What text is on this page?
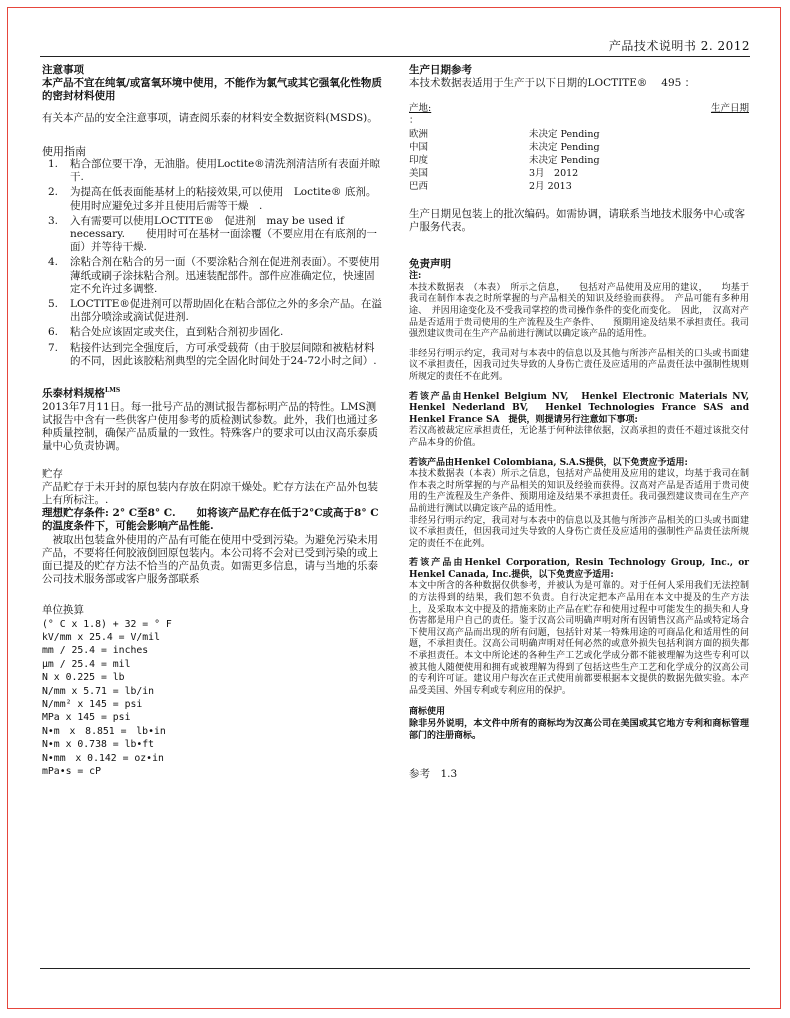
产品技术说明书 2. 2012

注意事项

本产品不宜在纯氧/或富氧环境中使用，不能作为氯气或其它强氧化性物质的密封材料使用

有关本产品的安全注意事项，请查阅乐泰的材料安全数据资料(MSDS)。

使用指南

1.	粘合部位要干净，无油脂。使用Loctite®清洗剂清洁所有表面并晾干.
2.	为提高在低表面能基材上的粘接效果,可以使用　Loctite® 底剂。使用时应避免过多并且使用后需等干燥　.
3.	入有需要可以使用LOCTITE®　促进剂　may be used if necessary.　　使用时可在基材一面涂覆（不要应用在有底剂的一面）并等待干燥.
4.	涂粘合剂在粘合的另一面（不要涂粘合剂在促进剂表面）。不要使用薄纸或刷子涂抹粘合剂。迅速装配部件。部件应准确定位，快速固定不允许过多调整.
5.	LOCTITE®促进剂可以帮助固化在粘合部位之外的多余产品。在溢出部分喷涂或滴试促进剂.
6.	粘合处应该固定或夹住，直到粘合剂初步固化.
7.	粘接件达到完全强度后，方可承受载荷（由于胶层间隙和被粘材料的不同，因此该胶粘剂典型的完全固化时间处于24-72小时之间）.

乐泰材料规格$^{LMS}$

2013年7月11日。每一批号产品的测试报告都标明产品的特性。LMS测试报告中含有一些供客户使用参考的质检测试参数。此外，我们也通过多种质量控制，确保产品质量的一致性。特殊客户的要求可以由汉高乐泰质量中心负责协调。

贮存

产品贮存于未开封的原包装内存放在阴凉干燥处。贮存方法在产品外包装上有所标注。.

理想贮存条件: 2° C至8° C.　　如将该产品贮存在低于2°C或高于8° C的温度条件下，可能会影响产品性能.

　被取出包装盒外使用的产品有可能在使用中受到污染。为避免污染未用产品，不要将任何胶液倒回原包装内。本公司将不会对已受到污染的或上面已提及的贮存方法不恰当的产品负责。如需更多信息，请与当地的乐泰公司技术服务部或客户服务部联系

单位换算

(° C x 1.8) + 32 = ° F
kV/mm x 25.4 = V/mil
mm / 25.4 = inches
μm / 25.4 = mil
N x 0.225 = lb
N/mm x 5.71 = lb/in
N/mm² x 145 = psi
MPa x 145 = psi
N•m　x　8.851 =　lb•in
N•m x 0.738 = lb•ft
N•mm　x 0.142 = oz•in
mPa•s = cP

生产日期参考

本技术数据表适用于生产于以下日期的LOCTITE®　 495 ：

产地:	生产日期
：
欧洲	未决定 Pending
中国	未决定 Pending
印度	未决定 Pending
美国	3月　2012
巴西	2月 2013

生产日期见包装上的批次编码。如需协调，请联系当地技术服务中心或客户服务代表。

免责声明

注:

本技术数据表　（本表）　所示之信息，　　包括对产品使用及应用的建议，　　均基于我司在制作本表之时所掌握的与产品相关的知识及经验而获得。　产品可能有多种用途、　并因用途变化及不受我司掌控的贵司操作条件的变化而变化。　因此，　汉高对产品是否适用于贵司使用的生产流程及生产条件、　　预期用途及结果不承担责任。我司强烈建议贵司在生产产品前进行测试以确定该产品的适用性。

非经另行明示约定，我司对与本表中的信息以及其他与所涉产品相关的口头或书面建议不承担责任，因我司过失导致的人身伤亡责任及应适用的产品责任法中强制性规则所规定的责任不在此列。

若该产品由Henkel Belgium NV,　Henkel Electronic Materials NV,　Henkel Nederland BV,　Henkel Technologies France SAS and Henkel France SA　提供，则提请另行注意如下事项:

若汉高被裁定应承担责任，无论基于何种法律依据，汉高承担的责任不超过该批交付产品本身的价值。

若该产品由Henkel Colombiana, S.A.S提供，以下免责应予适用:

本技术数据表（本表）所示之信息，包括对产品使用及应用的建议，均基于我司在制作本表之时所掌握的与产品相关的知识及经验而获得。汉高对产品是否适用于贵司使用的生产流程及生产条件、预期用途及结果不承担责任。我司强烈建议贵司在生产产品前进行测试以确定该产品的适用性。

非经另行明示约定，我司对与本表中的信息以及其他与所涉产品相关的口头或书面建议不承担责任，但因我司过失导致的人身伤亡责任及应适用的强制性产品责任法所规定的责任不在此列。

若该产品由Henkel Corporation, Resin Technology Group, Inc., or Henkel Canada, Inc.提供，以下免责应予适用:

本文中所含的各种数据仅供参考，并被认为是可靠的。对于任何人采用我们无法控制的方法得到的结果，我们恕不负责。自行决定把本产品用在本文中提及的生产方法上，及采取本文中提及的措施来防止产品在贮存和使用过程中可能发生的损失和人身伤害都是用户自己的责任。鉴于汉高公司明确声明对所有因销售汉高产品或特定场合下使用汉高产品而出现的所有问题，包括针对某一特殊用途的可商品化和适用性的问题，不承担责任。汉高公司明确声明对任何必然的或意外损失包括利润方面的损失都不承担责任。本文中所论述的各种生产工艺或化学成分都不能被理解为这些专利可以被其他人随便使用和拥有或被理解为得到了包括这些生产工艺和化学成分的汉高公司的专利许可证。建议用户每次在正式使用前都要根据本文提供的数据先做实验。本产品受美国、外国专利或专利应用的保护。

商标使用

除非另外说明，本文件中所有的商标均为汉高公司在美国或其它地方专利和商标管理部门的注册商标。

参考　1.3
